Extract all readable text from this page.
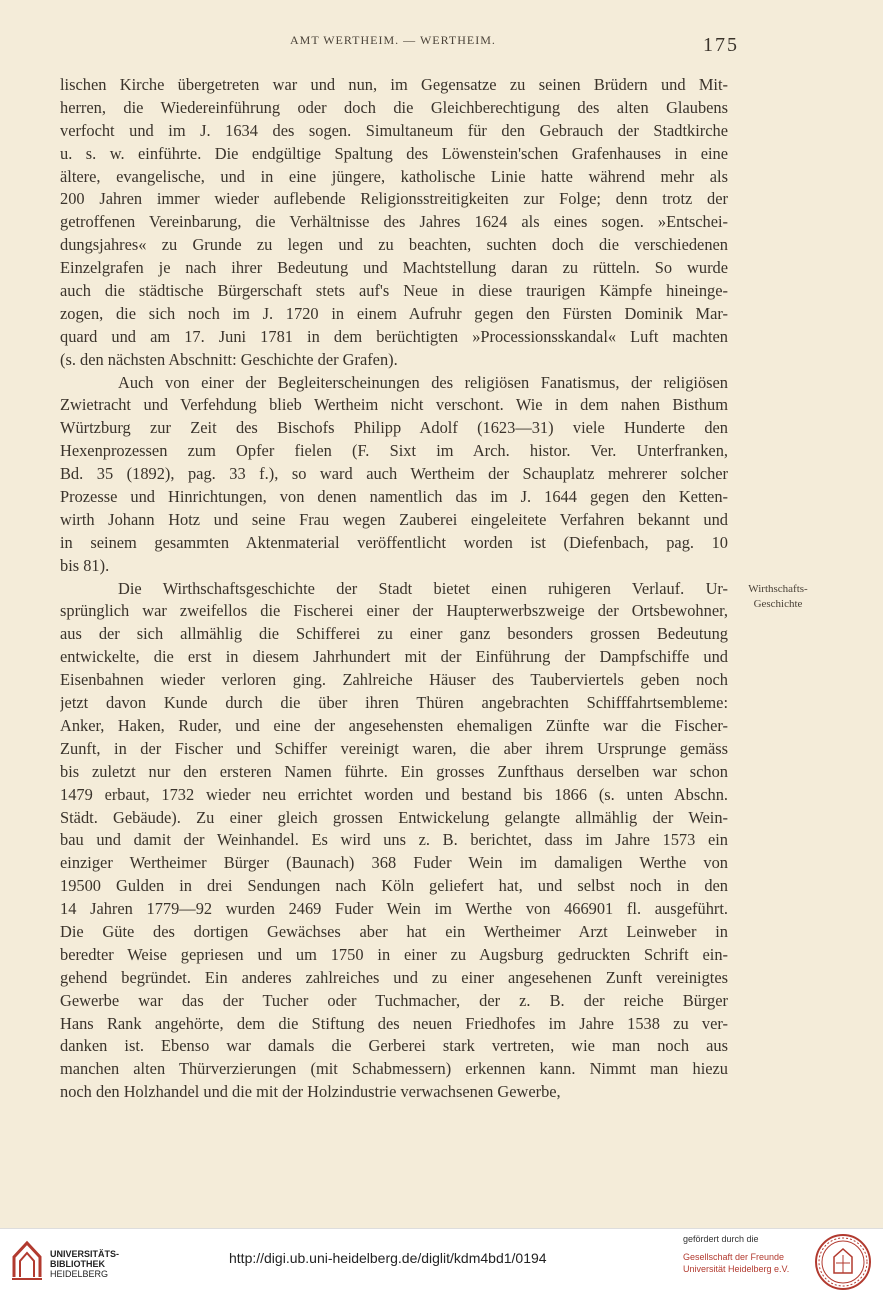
AMT WERTHEIM. — WERTHEIM.	175
lischen Kirche übergetreten war und nun, im Gegensatze zu seinen Brüdern und Mit-
herren, die Wiedereinführung oder doch die Gleichberechtigung des alten Glaubens
verfocht und im J. 1634 des sogen. Simultaneum für den Gebrauch der Stadtkirche
u. s. w. einführte. Die endgültige Spaltung des Löwenstein'schen Grafenhauses in eine
ältere, evangelische, und in eine jüngere, katholische Linie hatte während mehr als
200 Jahren immer wieder auflebende Religionsstreitigkeiten zur Folge; denn trotz der
getroffenen Vereinbarung, die Verhältnisse des Jahres 1624 als eines sogen. »Entschei-
dungsjahres« zu Grunde zu legen und zu beachten, suchten doch die verschiedenen
Einzelgrafen je nach ihrer Bedeutung und Machtstellung daran zu rütteln. So wurde
auch die städtische Bürgerschaft stets auf's Neue in diese traurigen Kämpfe hineinge-
zogen, die sich noch im J. 1720 in einem Aufruhr gegen den Fürsten Dominik Mar-
quard und am 17. Juni 1781 in dem berüchtigten »Processionsskandal« Luft machten
(s. den nächsten Abschnitt: Geschichte der Grafen).
Auch von einer der Begleiterscheinungen des religiösen Fanatismus, der religiösen
Zwietracht und Verfehdung blieb Wertheim nicht verschont. Wie in dem nahen Bisthum
Würtzburg zur Zeit des Bischofs Philipp Adolf (1623—31) viele Hunderte den
Hexenprozessen zum Opfer fielen (F. Sixt im Arch. histor. Ver. Unterfranken,
Bd. 35 (1892), pag. 33 f.), so ward auch Wertheim der Schauplatz mehrerer solcher
Prozesse und Hinrichtungen, von denen namentlich das im J. 1644 gegen den Ketten-
wirth Johann Hotz und seine Frau wegen Zauberei eingeleitete Verfahren bekannt und
in seinem gesammten Aktenmaterial veröffentlicht worden ist (Diefenbach, pag. 10
bis 81).
Die Wirthschaftsgeschichte der Stadt bietet einen ruhigeren Verlauf. Ur-
sprünglich war zweifellos die Fischerei einer der Haupterwerbszweige der Ortsbewohner,
aus der sich allmählig die Schifferei zu einer ganz besonders grossen Bedeutung
entwickelte, die erst in diesem Jahrhundert mit der Einführung der Dampfschiffe und
Eisenbahnen wieder verloren ging. Zahlreiche Häuser des Tauberviertels geben noch
jetzt davon Kunde durch die über ihren Thüren angebrachten Schifffahrtsembleme:
Anker, Haken, Ruder, und eine der angesehensten ehemaligen Zünfte war die Fischer-
Zunft, in der Fischer und Schiffer vereinigt waren, die aber ihrem Ursprunge gemäss
bis zuletzt nur den ersteren Namen führte. Ein grosses Zunfthaus derselben war schon
1479 erbaut, 1732 wieder neu errichtet worden und bestand bis 1866 (s. unten Abschn.
Städt. Gebäude). Zu einer gleich grossen Entwickelung gelangte allmählig der Wein-
bau und damit der Weinhandel. Es wird uns z. B. berichtet, dass im Jahre 1573 ein
einziger Wertheimer Bürger (Baunach) 368 Fuder Wein im damaligen Werthe von
19500 Gulden in drei Sendungen nach Köln geliefert hat, und selbst noch in den
14 Jahren 1779—92 wurden 2469 Fuder Wein im Werthe von 466901 fl. ausgeführt.
Die Güte des dortigen Gewächses aber hat ein Wertheimer Arzt Leinweber in
beredter Weise gepriesen und um 1750 in einer zu Augsburg gedruckten Schrift ein-
gehend begründet. Ein anderes zahlreiches und zu einer angesehenen Zunft vereinigtes
Gewerbe war das der Tucher oder Tuchmacher, der z. B. der reiche Bürger
Hans Rank angehörte, dem die Stiftung des neuen Friedhofes im Jahre 1538 zu ver-
danken ist. Ebenso war damals die Gerberei stark vertreten, wie man noch aus
manchen alten Thürverzierungen (mit Schabmessern) erkennen kann. Nimmt man hiezu
noch den Holzhandel und die mit der Holzindustrie verwachsenen Gewerbe,
Wirthschafts-
Geschichte
UNIVERSITÄTS-
BIBLIOTHEK
HEIDELBERG
http://digi.ub.uni-heidelberg.de/diglit/kdm4bd1/0194
gefördert durch die
Gesellschaft der Freunde
Universität Heidelberg e.V.
